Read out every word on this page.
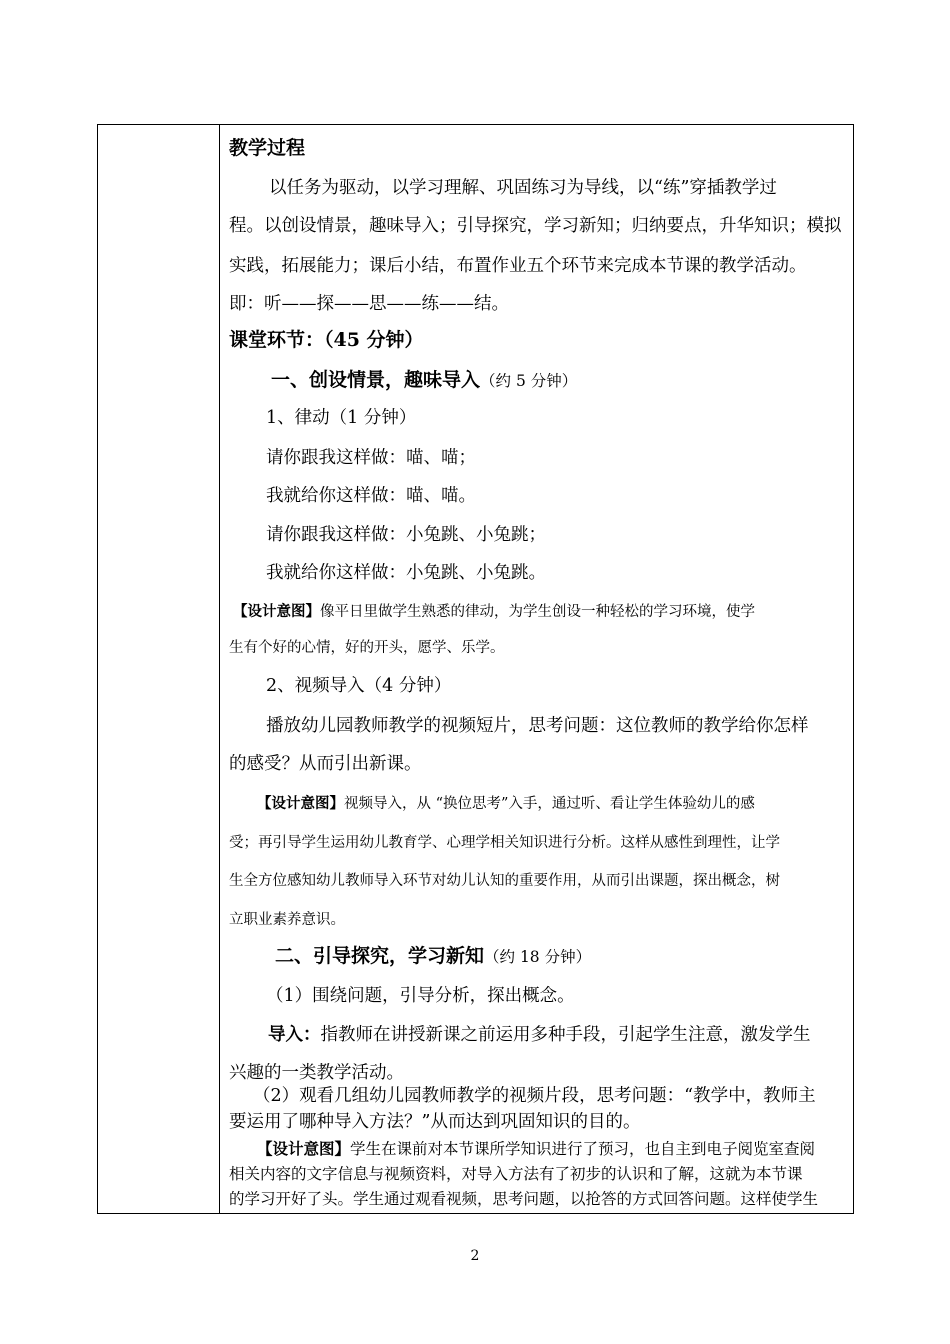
教学过程
以任务为驱动，以学习理解、巩固练习为导线，以“练”穿插教学过
程。以创设情景，趣味导入；引导探究，学习新知；归纳要点，升华知识；模拟
实践，拓展能力；课后小结，布置作业五个环节来完成本节课的教学活动。
即：听——探——思——练——结。
课堂环节：（45 分钟）
一、创设情景，趣味导入（约 5 分钟）
1、律动（1 分钟）
请你跟我这样做：喵、喵；
我就给你这样做：喵、喵。
请你跟我这样做：小兔跳、小兔跳；
我就给你这样做：小兔跳、小兔跳。
【设计意图】像平日里做学生熟悉的律动，为学生创设一种轻松的学习环境，使学
生有个好的心情，好的开头，愿学、乐学。
2、视频导入（4 分钟）
播放幼儿园教师教学的视频短片，思考问题：这位教师的教学给你怎样
的感受？从而引出新课。
【设计意图】视频导入，从 “换位思考”入手，通过听、看让学生体验幼儿的感
受；再引导学生运用幼儿教育学、心理学相关知识进行分析。这样从感性到理性，让学
生全方位感知幼儿教师导入环节对幼儿认知的重要作用，从而引出课题，探出概念，树
立职业素养意识。
二、引导探究，学习新知（约 18 分钟）
（1）围绕问题，引导分析，探出概念。
导入：指教师在讲授新课之前运用多种手段，引起学生注意，激发学生
兴趣的一类教学活动。
（2）观看几组幼儿园教师教学的视频片段，思考问题：“教学中，教师主
要运用了哪种导入方法？”从而达到巩固知识的目的。
【设计意图】学生在课前对本节课所学知识进行了预习，也自主到电子阅览室查阅
相关内容的文字信息与视频资料，对导入方法有了初步的认识和了解，这就为本节课
的学习开好了头。学生通过观看视频，思考问题，以抢答的方式回答问题。这样使学生
2
